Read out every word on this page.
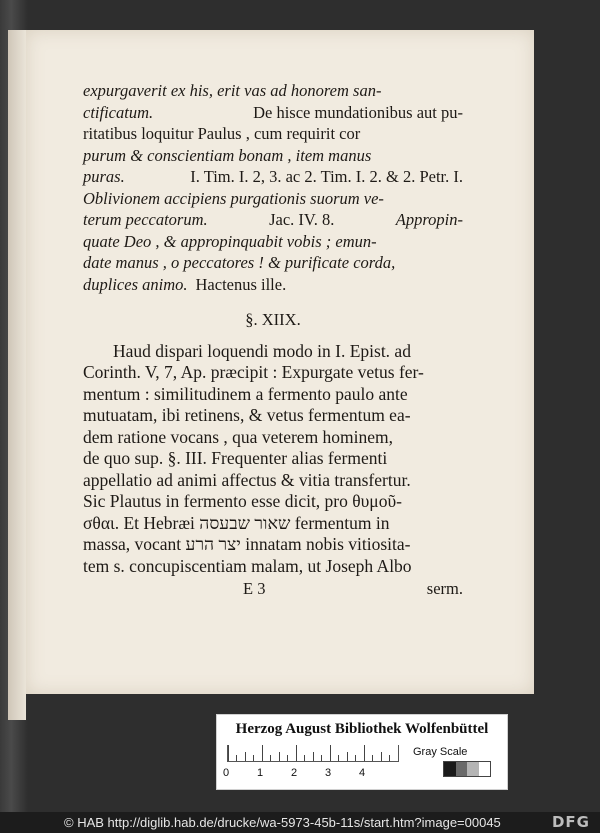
expurgaverit ex his, erit vas ad honorem san-
ctificatum.	De hisce mundationibus aut pu-
ritatibus loquitur Paulus , cum requirit cor
purum & conscientiam bonam , item manus
puras.	I. Tim. I. 2, 3. ac 2. Tim. I. 2. & 2. Petr. I.
Oblivionem accipiens purgationis suorum ve-
terum peccatorum.	Jac. IV. 8.	Appropin-
quate Deo , & appropinquabit vobis ; emun-
date manus , o peccatores ! & purificate corda,
duplices animo. Hactenus ille.
§. XIIX.
Haud dispari loquendi modo in I. Epist. ad
Corinth. V, 7, Ap. præcipit : Expurgate vetus fer-
mentum : similitudinem a fermento paulo ante
mutuatam, ibi retinens, & vetus fermentum ea-
dem ratione vocans , qua veterem hominem,
de quo sup. §. III. Frequenter alias fermenti
appellatio ad animi affectus & vitia transfertur.
Sic Plautus in fermento esse dicit, pro θυμοῦ-
σθαι. Et Hebræi שאור שבעסה fermentum in
massa, vocant יצר הרע innatam nobis vitiosita-
tem s. concupiscentiam malam, ut Joseph Albo
E 3	serm.
Herzog August Bibliothek Wolfenbüttel
0	1	2	3	4
Gray Scale
© HAB http://diglib.hab.de/drucke/wa-5973-45b-11s/start.htm?image=00045	DFG
